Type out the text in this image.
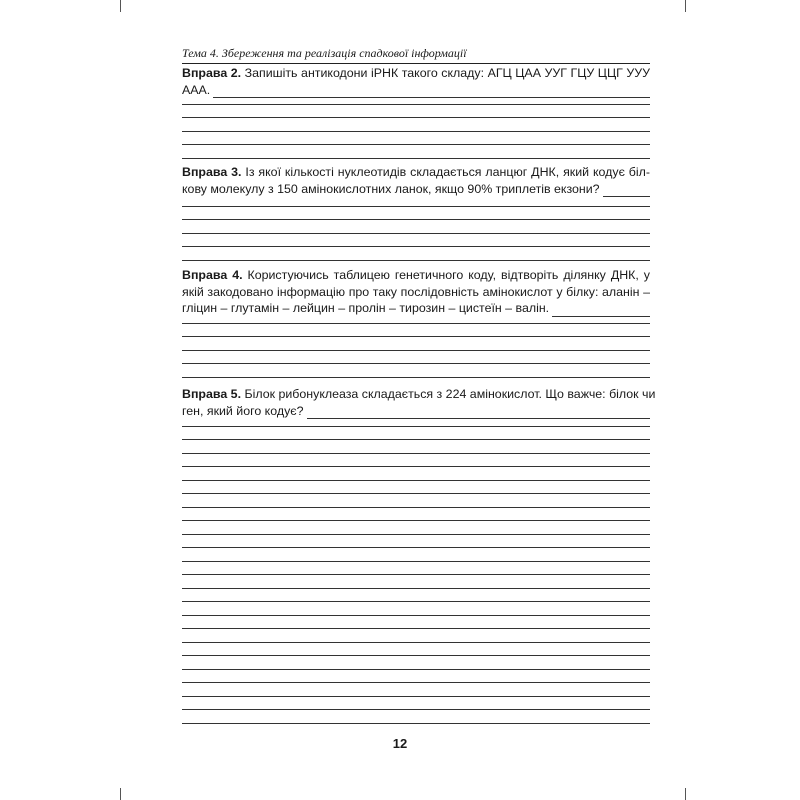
Тема 4. Збереження та реалізація спадкової інформації

Вправа 2. Запишіть антикодони іРНК такого складу: АГЦ ЦАА УУГ ГЦУ ЦЦГ УУУ

ААА.

Вправа 3. Із якої кількості нуклеотидів складається ланцюг ДНК, який кодує біл-

кову молекулу з 150 амінокислотних ланок, якщо 90% триплетів екзони?

Вправа 4. Користуючись таблицею генетичного коду, відтворіть ділянку ДНК, у

якій закодовано інформацію про таку послідовність амінокислот у білку: аланін –

гліцин – глутамін – лейцин – пролін – тирозин – цистеїн – валін.

Вправа 5. Білок рибонуклеаза складається з 224 амінокислот. Що важче: білок чи

ген, який його кодує?
12
